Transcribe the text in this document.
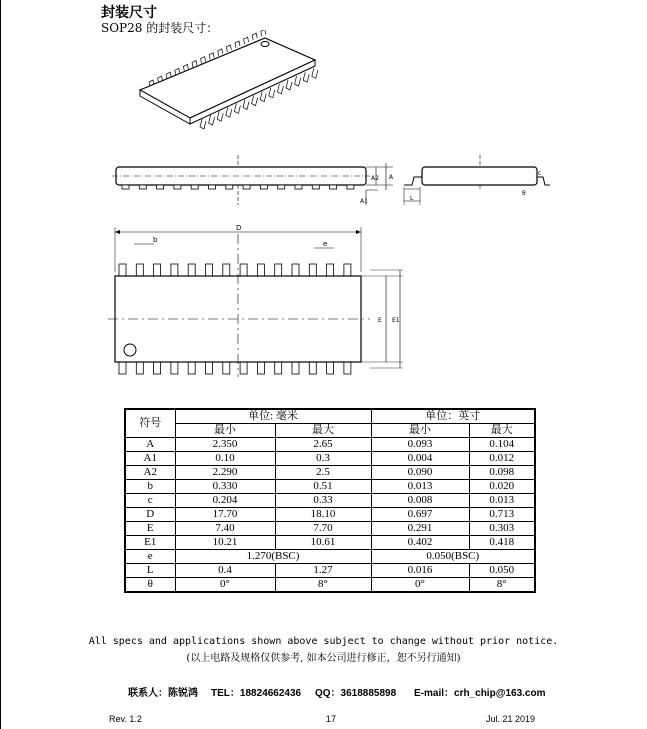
封装尺寸
SOP28 的封装尺寸：
A2 A
A1	L
c
θ
D
b	e
E E1
符号	单位: 毫米		单位：英寸	
	最小	最大	最小	最大
A	2.350	2.65	0.093	0.104
A1	0.10	0.3	0.004	0.012
A2	2.290	2.5	0.090	0.098
b	0.330	0.51	0.013	0.020
c	0.204	0.33	0.008	0.013
D	17.70	18.10	0.697	0.713
E	7.40	7.70	0.291	0.303
E1	10.21	10.61	0.402	0.418
e	1.270(BSC)		0.050(BSC)	
L	0.4	1.27	0.016	0.050
θ	0°	8°	0°	8°
All specs and applications shown above subject to change without prior notice.
(以上电路及规格仅供参考, 如本公司进行修正，恕不另行通知)
联系人：陈锐鸿 TEL：18824662436 QQ：3618885898 E-mail：crh_chip@163.com
Rev. 1.2	17	Jul. 21 2019
